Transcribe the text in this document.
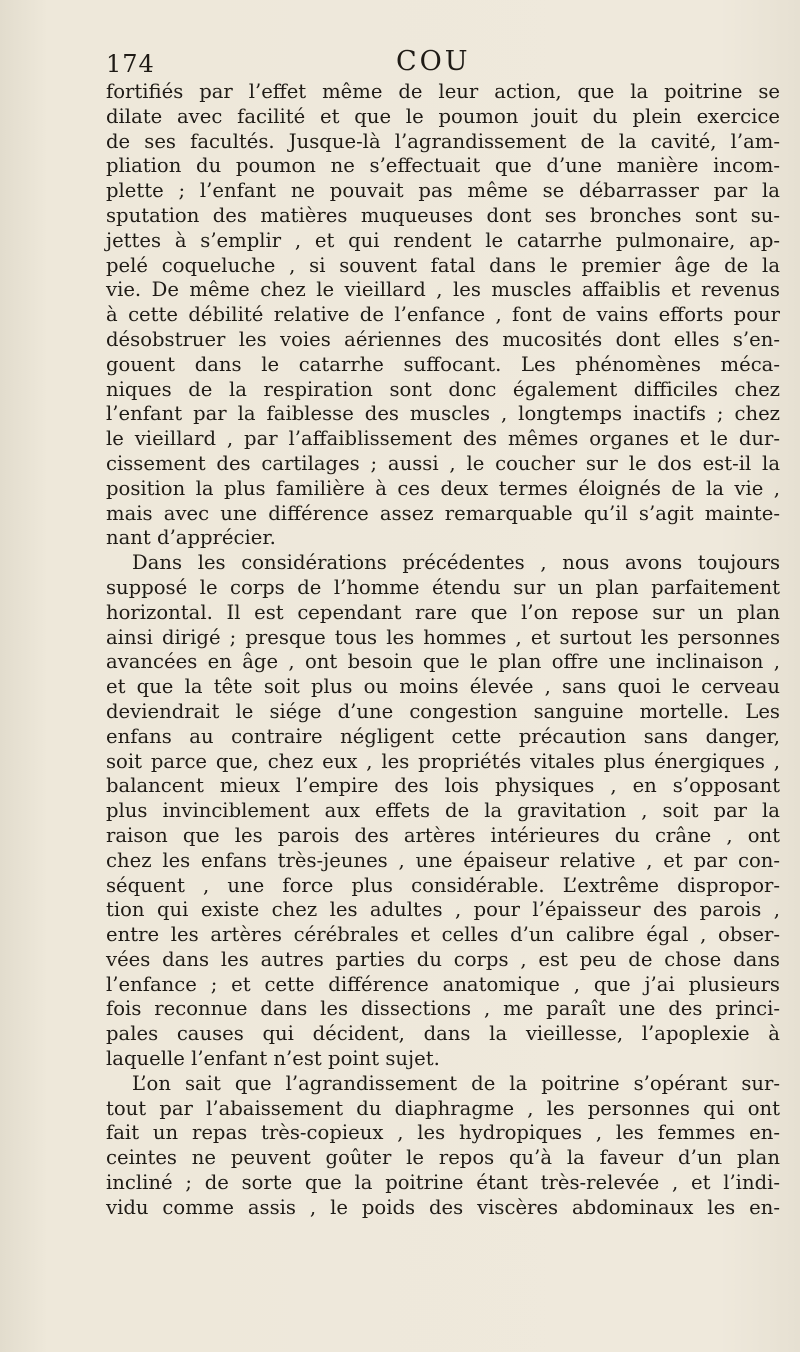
174	COU
fortifiés par l’effet même de leur action, que la poitrine se
dilate avec facilité et que le poumon jouit du plein exercice
de ses facultés. Jusque-là l’agrandissement de la cavité, l’am-
pliation du poumon ne s’effectuait que d’une manière incom-
plette ; l’enfant ne pouvait pas même se débarrasser par la
sputation des matières muqueuses dont ses bronches sont su-
jettes à s’emplir , et qui rendent le catarrhe pulmonaire, ap-
pelé coqueluche , si souvent fatal dans le premier âge de la
vie. De même chez le vieillard , les muscles affaiblis et revenus
à cette débilité relative de l’enfance , font de vains efforts pour
désobstruer les voies aériennes des mucosités dont elles s’en-
gouent dans le catarrhe suffocant. Les phénomènes méca-
niques de la respiration sont donc également difficiles chez
l’enfant par la faiblesse des muscles , longtemps inactifs ; chez
le vieillard , par l’affaiblissement des mêmes organes et le dur-
cissement des cartilages ; aussi , le coucher sur le dos est-il la
position la plus familière à ces deux termes éloignés de la vie ,
mais avec une différence assez remarquable qu’il s’agit mainte-
nant d’apprécier.
Dans les considérations précédentes , nous avons toujours
supposé le corps de l’homme étendu sur un plan parfaitement
horizontal. Il est cependant rare que l’on repose sur un plan
ainsi dirigé ; presque tous les hommes , et surtout les personnes
avancées en âge , ont besoin que le plan offre une inclinaison ,
et que la tête soit plus ou moins élevée , sans quoi le cerveau
deviendrait le siége d’une congestion sanguine mortelle. Les
enfans au contraire négligent cette précaution sans danger,
soit parce que, chez eux , les propriétés vitales plus énergiques ,
balancent mieux l’empire des lois physiques , en s’opposant
plus invinciblement aux effets de la gravitation , soit par la
raison que les parois des artères intérieures du crâne , ont
chez les enfans très-jeunes , une épaiseur relative , et par con-
séquent , une force plus considérable. L’extrême dispropor-
tion qui existe chez les adultes , pour l’épaisseur des parois ,
entre les artères cérébrales et celles d’un calibre égal , obser-
vées dans les autres parties du corps , est peu de chose dans
l’enfance ; et cette différence anatomique , que j’ai plusieurs
fois reconnue dans les dissections , me paraît une des princi-
pales causes qui décident, dans la vieillesse, l’apoplexie à
laquelle l’enfant n’est point sujet.
L’on sait que l’agrandissement de la poitrine s’opérant sur-
tout par l’abaissement du diaphragme , les personnes qui ont
fait un repas très-copieux , les hydropiques , les femmes en-
ceintes ne peuvent goûter le repos qu’à la faveur d’un plan
incliné ; de sorte que la poitrine étant très-relevée , et l’indi-
vidu comme assis , le poids des viscères abdominaux les en-
